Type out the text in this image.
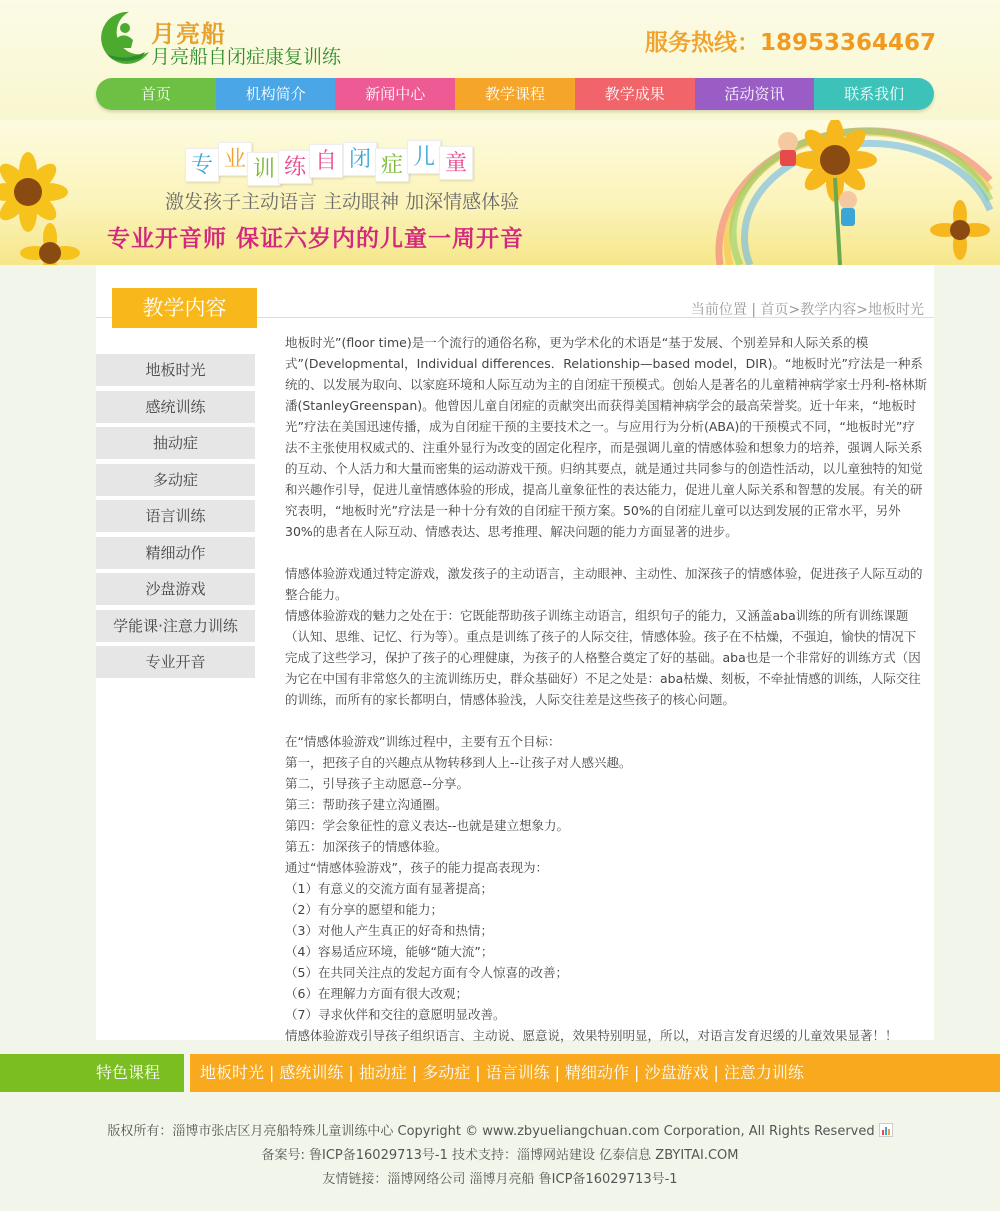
月亮船
月亮船自闭症康复训练
服务热线：18953364467
首页	机构简介	新闻中心	教学课程	教学成果	活动资讯	联系我们
专 业 训 练 自 闭 症 儿 童
激发孩子主动语言 主动眼神 加深情感体验
专业开音师 保证六岁内的儿童一周开音
教学内容	当前位置 | 首页>教学内容>地板时光
地板时光
感统训练
抽动症
多动症
语言训练
精细动作
沙盘游戏
学能课·注意力训练
专业开音

地板时光”(floor time)是一个流行的通俗名称，更为学术化的术语是“基于发展、个别差异和人际关系的模式”(Developmental，Individual differences．Relationship—based model，DIR)。“地板时光”疗法是一种系统的、以发展为取向、以家庭环境和人际互动为主的自闭症干预模式。创始人是著名的儿童精神病学家士丹利-格林斯潘(StanleyGreenspan)。他曾因儿童自闭症的贡献突出而获得美国精神病学会的最高荣誉奖。近十年来，“地板时光”疗法在美国迅速传播，成为自闭症干预的主要技术之一。与应用行为分析(ABA)的干预模式不同，“地板时光”疗法不主张使用权威式的、注重外显行为改变的固定化程序，而是强调儿童的情感体验和想象力的培养，强调人际关系的互动、个人活力和大量而密集的运动游戏干预。归纳其要点，就是通过共同参与的创造性活动，以儿童独特的知觉和兴趣作引导，促进儿童情感体验的形成，提高儿童象征性的表达能力，促进儿童人际关系和智慧的发展。有关的研究表明，“地板时光”疗法是一种十分有效的自闭症干预方案。50%的自闭症儿童可以达到发展的正常水平，另外30%的患者在人际互动、情感表达、思考推理、解决问题的能力方面显著的进步。

情感体验游戏通过特定游戏，激发孩子的主动语言，主动眼神、主动性、加深孩子的情感体验，促进孩子人际互动的整合能力。

情感体验游戏的魅力之处在于：它既能帮助孩子训练主动语言，组织句子的能力，又涵盖aba训练的所有训练课题（认知、思维、记忆、行为等）。重点是训练了孩子的人际交往，情感体验。孩子在不枯燥，不强迫，愉快的情况下完成了这些学习，保护了孩子的心理健康，为孩子的人格整合奠定了好的基础。aba也是一个非常好的训练方式（因为它在中国有非常悠久的主流训练历史，群众基础好）不足之处是：aba枯燥、刻板，不牵扯情感的训练，人际交往的训练，而所有的家长都明白，情感体验浅，人际交往差是这些孩子的核心问题。

在“情感体验游戏”训练过程中，主要有五个目标：

第一，把孩子自的兴趣点从物转移到人上--让孩子对人感兴趣。

第二，引导孩子主动愿意--分享。

第三：帮助孩子建立沟通圈。

第四：学会象征性的意义表达--也就是建立想象力。

第五：加深孩子的情感体验。

通过“情感体验游戏”，孩子的能力提高表现为：

（1）有意义的交流方面有显著提高；

（2）有分享的愿望和能力；

（3）对他人产生真正的好奇和热情；

（4）容易适应环境，能够“随大流”；

（5）在共同关注点的发起方面有令人惊喜的改善；

（6）在理解力方面有很大改观；

（7）寻求伙伴和交往的意愿明显改善。

情感体验游戏引导孩子组织语言、主动说、愿意说，效果特别明显，所以，对语言发育迟缓的儿童效果显著！！

特色课程	地板时光 | 感统训练 | 抽动症 | 多动症 | 语言训练 | 精细动作 | 沙盘游戏 | 注意力训练
版权所有：淄博市张店区月亮船特殊儿童训练中心 Copyright © www.zbyueliangchuan.com Corporation, All Rights Reserved
备案号: 鲁ICP备16029713号-1 技术支持：淄博网站建设 亿泰信息 ZBYITAI.COM
友情链接：淄博网络公司 淄博月亮船 鲁ICP备16029713号-1
